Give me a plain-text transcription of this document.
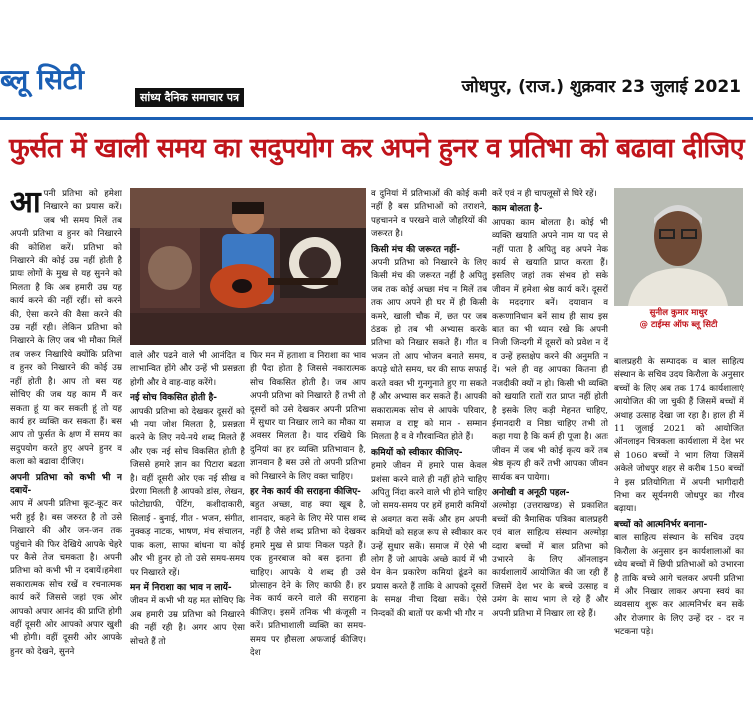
ब्लू सिटी
सांध्य दैनिक समाचार पत्र
जोधपुर, (राज.) शुक्रवार 23 जुलाई 2021
फुर्सत में खाली समय का सदुपयोग कर अपने हुनर व प्रतिभा को बढावा दीजिए

आपनी प्रतिभा को हमेशा निखारने का प्रयास करें। जब भी समय मिलें तब अपनी प्रतिभा व हुनर को निखारने की कोशिश करें। प्रतिभा को निखारने की कोई उम्र नहीं होती है प्रायः लोगों के मुख से यह सुनने को मिलता है कि अब हमारी उम्र यह कार्य करने की नहीं रहीं। सो करने की, ऐसा करने की वैसा करने की उम्र नहीं रही। लेकिन प्रतिभा को निखारने के लिए जब भी मौका मिलें तब जरूर निखारिये क्योंकि प्रतिभा व हुनर को निखारने की कोई उम्र नहीं होती है। आप तो बस यह सोचिए की जब यह काम मैं कर सकता हूं या कर सकती हूं तो यह कार्य हर व्यक्ति कर सकता हैं। बस आप तो फुर्सत के क्षण में समय का सदुपयोग करते हुए अपने हुनर व कला को बढावा दीजिए।

अपनी प्रतिभा को कभी भी न दबायें-

आप में अपनी प्रतिभा कूट-कूट कर भरी हुई है। बस जरुरत है तो उसे निखारने की और जन-जन तक पहुंचाने की फिर देखिये आपके चेहरे पर कैसे तेज चमकता है। अपनी प्रतिभा को कभी भी न दबायें।हमेशा सकारात्मक सोच रखें व रचनात्मक कार्य करें जिससे जहां एक ओर आपको अपार आनंद की प्राप्ति होगी वहीं दूसरी ओर आपको अपार खुशी भी होगी। वहीं दूसरी ओर आपके हुनर को देखने, सुनने

वाले और पढने वाले भी आनंदित व लाभान्वित होंगे और उन्हें भी प्रसन्नता होगी और वे वाह-वाह करेंगे।

नई सोच विकसित होती है-

आपकी प्रतिभा को देखकर दूसरों को भी नया जोश मिलता है, प्रसन्नता करने के लिए नये-नये शब्द मिलते हैं और एक नई सोच विकसित होती है जिससे हमारे ज्ञान का पिटारा बढता है। वहीं दूसरी ओर एक नई सीख व प्रेरणा मिलती है आपको डांस, लेखन, फोटोग्राफी, पेंटिंग, कशीदाकारी, सिलाई - बुनाई, गीत - भजन, संगीत, नुक्कड़ नाटक, भाषण, मंच संचालन, पाक कला, साफा बांधना या कोई और भी हुनर हो तो उसे समय-समय पर निखारते रहें।

मन में निराशा का भाव न लायें-

जीवन में कभी भी यह मत सोचिए कि अब हमारी उम्र प्रतिभा को निखारने की नहीं रही है। अगर आप ऐसा सोचते हैं तो

फिर मन में हताशा व निराशा का भाव ही पैदा होता है जिससे नकारात्मक सोच विकसित होती है। जब आप अपनी प्रतिभा को निखारते हैं तभी तो दूसरों को उसे देखकर अपनी प्रतिभा में सुधार या निखार लाने का मौका या अवसर मिलता है। याद रखिये कि दुनियां का हर व्यक्ति प्रतिभावान है, ज्ञानवान है बस उसे तो अपनी प्रतिभा को निखारने के लिए वक्त चाहिए।

हर नेक कार्य की सराहना कीजिए-

बहुत अच्छा, वाह क्या खूब है, शानदार, कहने के लिए मेरे पास शब्द नहीं है जैसे शब्द प्रतिभा को देखकर हमारे मुख से प्रायः निकल पड़ते हैं। एक हुनरबाज को बस इतना ही चाहिए। आपके ये शब्द ही उसे प्रोत्साहन देने के लिए काफी हैं। हर नेक कार्य करने वाले की सराहना कीजिए। इसमें तनिक भी कंजूसी न करें। प्रतिभाशाली व्यक्ति का समय-समय पर हौसला अफजाई कीजिए। देश

व दुनियां में प्रतिभाओं की कोई कमी नहीं है बस प्रतिभाओं को तराशने, पहचानने व परखने वाले जौहरियों की जरूरत है।

किसी मंच की जरूरत नहीं-

अपनी प्रतिभा को निखारने के लिए किसी मंच की जरूरत नहीं है अपितु जब तक कोई अच्छा मंच न मिलें तब तक आप अपने ही घर में ही किसी कमरे, खाली चौक में, छत पर जब ठंडक हो तब भी अभ्यास करके प्रतिभा को निखार सकते हैं। गीत व भजन तो आप भोजन बनाते समय, कपड़े धोते समय, घर की साफ सफाई करते वक्त भी गुनगुनाते हुए गा सकते हैं और अभ्यास कर सकते हैं। आपकी सकारात्मक सोच से आपके परिवार, समाज व राष्ट्र को मान - सम्मान मिलता है व वे गौरवान्वित होते हैं।

कमियों को स्वीकार कीजिए-

हमारे जीवन में हमारे पास केवल प्रशंसा करने वाले ही नहीं होने चाहिए अपितु निंदा करने वाले भी होने चाहिए जो समय-समय पर हमें हमारी कमियों से अवगत करा सकें और हम अपनी कमियों को सहज रूप से स्वीकार कर उन्हें सुधार सकें। समाज में ऐसे भी लोग हैं जो आपके अच्छे कार्य में भी येन केन प्रकारेण कमियां ढूंढने का प्रयास करते हैं ताकि वे आपको दूसरों के समक्ष नीचा दिखा सकें। ऐसे निन्दकों की बातों पर कभी भी गौर न

करें एवं न ही चापलूसों से घिरे रहें।

काम बोलता है-

आपका काम बोलता है। कोई भी व्यक्ति खयाति अपने नाम या पद से नहीं पाता है अपितु वह अपने नेक कार्य से खयाति प्राप्त करता हैं। इसलिए जहां तक संभव हो सके जीवन में हमेशा श्रेष्ठ कार्य करें। दूसरों के मददगार बनें। दयावान व करूणानिधान बनें साथ ही साथ इस बात का भी ध्यान रखे कि अपनी निजी जिन्दगी में दूसरों को प्रवेश न दें व उन्हें हस्तक्षेप करने की अनुमति न दें। भले ही वह आपका कितना ही नजदीकी क्यों न हो। किसी भी व्यक्ति को खयाति रातों रात प्राप्त नहीं होती है इसके लिए कड़ी मेहनत चाहिए, ईमानदारी व निष्ठा चाहिए तभी तो कहा गया है कि कर्म ही पूजा है। अतः जीवन में जब भी कोई कृत्य करें तब श्रेष्ठ कृत्य ही करें तभी आपका जीवन सार्थक बन पायेगा।

अनोखी व अनूठी पहल-

अल्मोड़ा (उत्तराखण्ड) से प्रकाशित बच्चों की त्रैमासिक पत्रिका बालप्रहरी एवं बाल साहित्य संस्थान अल्मोड़ा व्दारा बच्चों में बाल प्रतिभा को उभारने के लिए ऑनलाइन कार्यशालायें आयोजित की जा रही हैं जिसमें देश भर के बच्चे उत्साह व उमंग के साथ भाग ले रहे हैं और अपनी प्रतिभा में निखार ला रहे हैं।

सुनील कुमार माथुर
@ टाईम्स ऑफ ब्लू सिटी

बालप्रहरी के सम्पादक व बाल साहित्य संस्थान के सचिव उदय किरौला के अनुसार बच्चों के लिए अब तक 174 कार्यशालाएं आयोजित की जा चुकी हैं जिसमें बच्चों में अथाह उत्साह देखा जा रहा है। हाल ही में 11 जुलाई 2021 को आयोजित ऑनलाइन चित्रकला कार्यशाला में देश भर से 1060 बच्चों ने भाग लिया जिसमें अकेले जोधपुर शहर से करीब 150 बच्चों ने इस प्रतियोगिता में अपनी भागीदारी निभा कर सूर्यनगरी जोधपुर का गौरव बढ़ाया।

बच्चों को आत्मनिर्भर बनाना-

बाल साहित्य संस्थान के सचिव उदय किरौला के अनुसार इन कार्यशालाओं का ध्येय बच्चों में छिपी प्रतिभाओं को उभारना है ताकि बच्चे आगे चलकर अपनी प्रतिभा में और निखार लाकर अपना स्वयं का व्यवसाय शुरू कर आत्मनिर्भर बन सकें और रोजगार के लिए उन्हें दर - दर न भटकना पड़े।
